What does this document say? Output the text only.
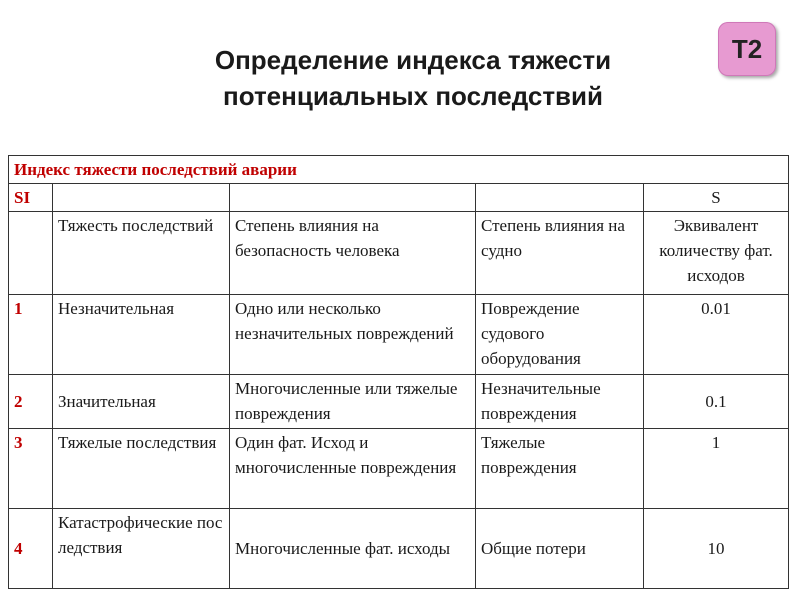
T2
Определение индекса тяжести
потенциальных последствий
Индекс тяжести последствий аварии				
SI				S
	Тяжесть последствий	Степень влияния на безопасность человека	Степень влияния на судно	Эквивалент количеству фат. исходов
1	Незначительная	Одно или несколько незначительных повреждений	Повреждение судового оборудования	0.01
2	Значительная	Многочисленные или тяжелые повреждения	Незначительные повреждения	0.1
3	Тяжелые последствия	Один фат. Исход и многочисленные повреждения	Тяжелые повреждения	1
4	Катастрофические последствия	Многочисленные фат. исходы	Общие потери	10
